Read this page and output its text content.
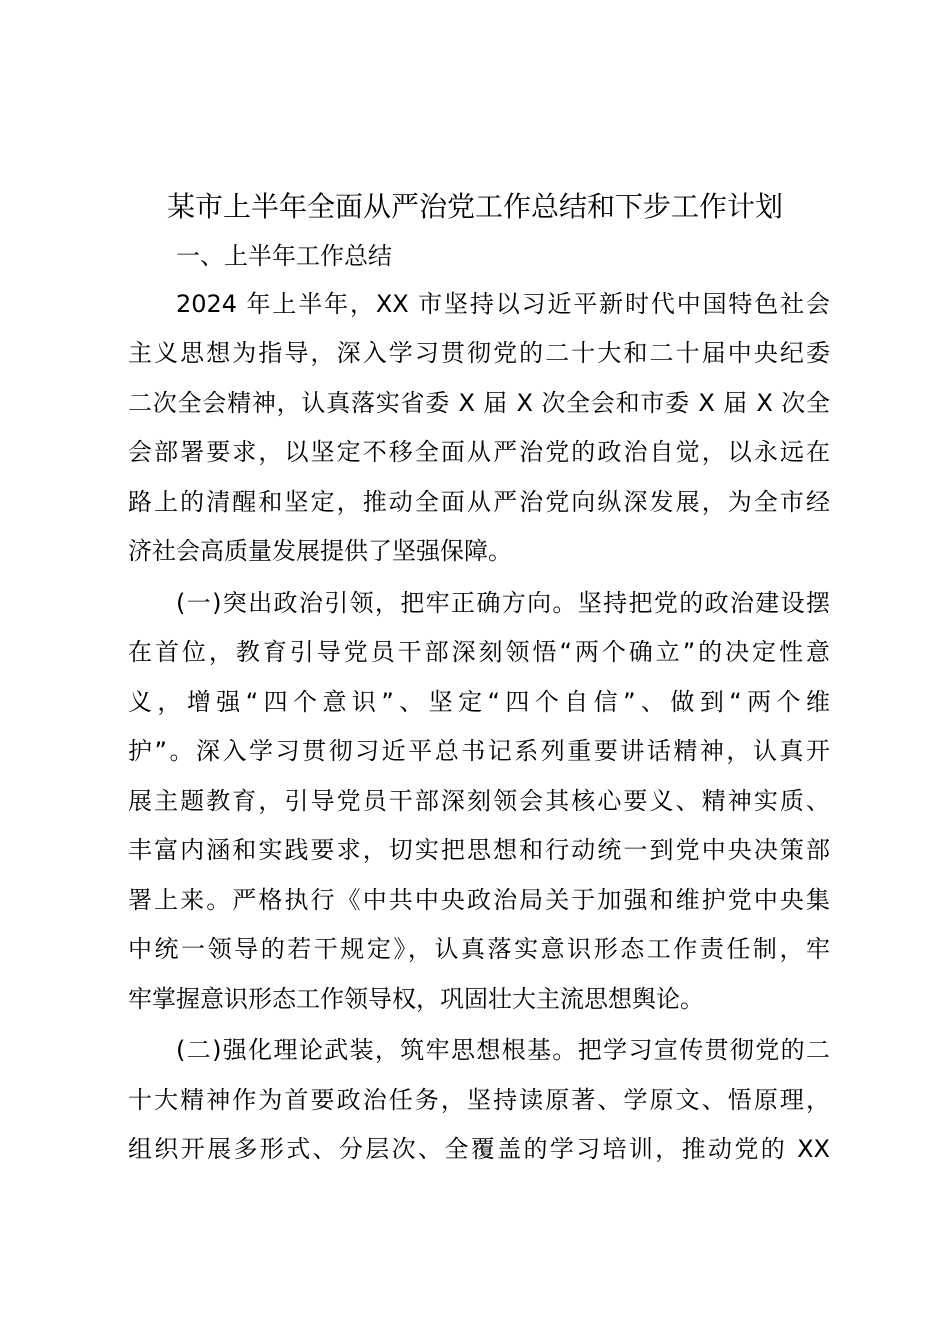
某市上半年全面从严治党工作总结和下步工作计划
一、上半年工作总结
2024 年上半年，XX 市坚持以习近平新时代中国特色社会
主义思想为指导，深入学习贯彻党的二十大和二十届中央纪委
二次全会精神，认真落实省委 X 届 X 次全会和市委 X 届 X 次全
会部署要求，以坚定不移全面从严治党的政治自觉，以永远在
路上的清醒和坚定，推动全面从严治党向纵深发展，为全市经
济社会高质量发展提供了坚强保障。
(一)突出政治引领，把牢正确方向。坚持把党的政治建设摆
在首位，教育引导党员干部深刻领悟“两个确立”的决定性意
义，增强“四个意识”、坚定“四个自信”、做到“两个维
护”。深入学习贯彻习近平总书记系列重要讲话精神，认真开
展主题教育，引导党员干部深刻领会其核心要义、精神实质、
丰富内涵和实践要求，切实把思想和行动统一到党中央决策部
署上来。严格执行《中共中央政治局关于加强和维护党中央集
中统一领导的若干规定》，认真落实意识形态工作责任制，牢
牢掌握意识形态工作领导权，巩固壮大主流思想舆论。
(二)强化理论武装，筑牢思想根基。把学习宣传贯彻党的二
十大精神作为首要政治任务，坚持读原著、学原文、悟原理，
组织开展多形式、分层次、全覆盖的学习培训，推动党的 XX
